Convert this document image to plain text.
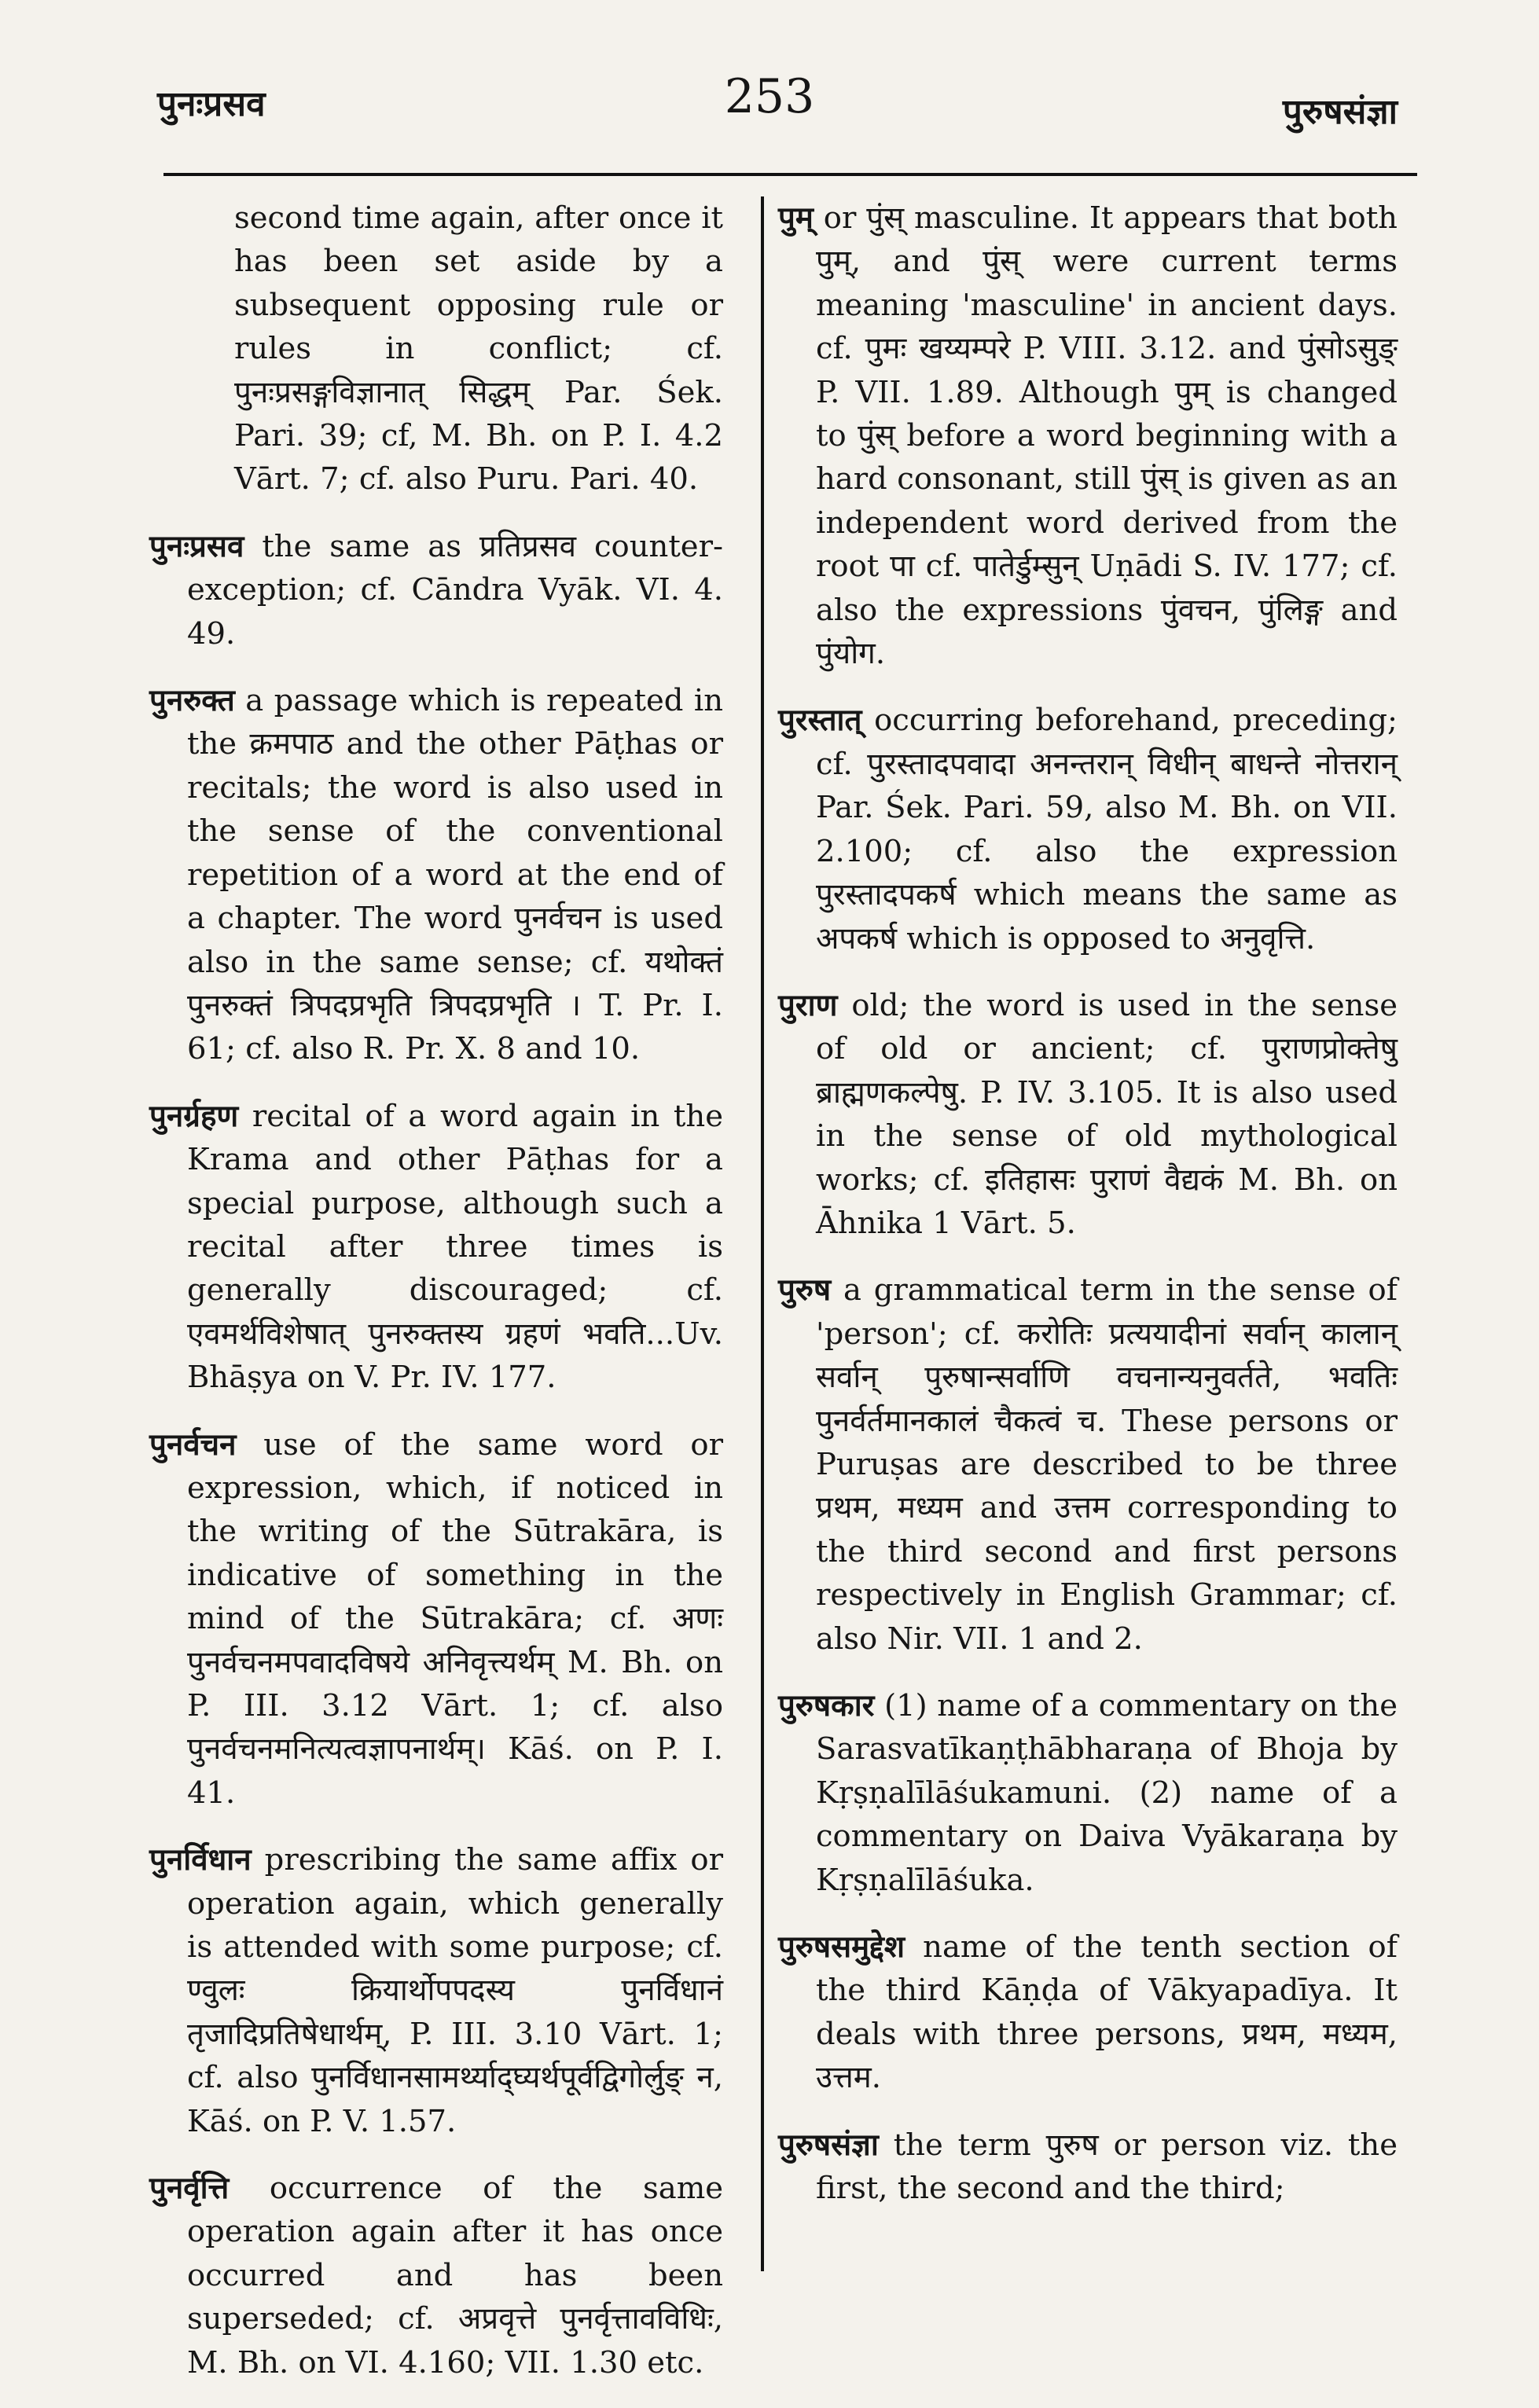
पुनःप्रसव	253	पुरुषसंज्ञा

second time again, after once it has been set aside by a subsequent opposing rule or rules in conflict; cf. पुनःप्रसङ्गविज्ञानात् सिद्धम् Par. Śek. Pari. 39; cf, M. Bh. on P. I. 4.2 Vārt. 7; cf. also Puru. Pari. 40.

पुनःप्रसव the same as प्रतिप्रसव counter-exception; cf. Cāndra Vyāk. VI. 4. 49.

पुनरुक्त a passage which is repeated in the क्रमपाठ and the other Pāṭhas or recitals; the word is also used in the sense of the conventional repetition of a word at the end of a chapter. The word पुनर्वचन is used also in the same sense; cf. यथोक्तं पुनरुक्तं त्रिपदप्रभृति त्रिपदप्रभृति । T. Pr. I. 61; cf. also R. Pr. X. 8 and 10.

पुनर्ग्रहण recital of a word again in the Krama and other Pāṭhas for a special purpose, although such a recital after three times is generally discouraged; cf. एवमर्थविशेषात् पुनरुक्तस्य ग्रहणं भवति...Uv. Bhāṣya on V. Pr. IV. 177.

पुनर्वचन use of the same word or expression, which, if noticed in the writing of the Sūtrakāra, is indicative of something in the mind of the Sūtrakāra; cf. अणः पुनर्वचनमपवादविषये अनिवृत्त्यर्थम् M. Bh. on P. III. 3.12 Vārt. 1; cf. also पुनर्वचनमनित्यत्वज्ञापनार्थम्। Kāś. on P. I. 41.

पुनर्विधान prescribing the same affix or operation again, which generally is attended with some purpose; cf. ण्वुलः क्रियार्थोपपदस्य पुनर्विधानं तृजादिप्रतिषेधार्थम्, P. III. 3.10 Vārt. 1; cf. also पुनर्विधानसामर्थ्याद्घ्यर्थपूर्वद्विगोर्लुङ् न, Kāś. on P. V. 1.57.

पुनर्वृत्ति occurrence of the same operation again after it has once occurred and has been superseded; cf. अप्रवृत्ते पुनर्वृत्तावविधिः, M. Bh. on VI. 4.160; VII. 1.30 etc.

पुम् or पुंस् masculine. It appears that both पुम्, and पुंस् were current terms meaning 'masculine' in ancient days. cf. पुमः खय्यम्परे P. VIII. 3.12. and पुंसोऽसुङ् P. VII. 1.89. Although पुम् is changed to पुंस् before a word beginning with a hard consonant, still पुंस् is given as an independent word derived from the root पा cf. पातेर्डुम्सुन् Uṇādi S. IV. 177; cf. also the expressions पुंवचन, पुंलिङ्ग and पुंयोग.

पुरस्तात् occurring beforehand, preceding; cf. पुरस्तादपवादा अनन्तरान् विधीन् बाधन्ते नोत्तरान् Par. Śek. Pari. 59, also M. Bh. on VII. 2.100; cf. also the expression पुरस्तादपकर्ष which means the same as अपकर्ष which is opposed to अनुवृत्ति.

पुराण old; the word is used in the sense of old or ancient; cf. पुराणप्रोक्तेषु ब्राह्मणकल्पेषु. P. IV. 3.105. It is also used in the sense of old mythological works; cf. इतिहासः पुराणं वैद्यकं M. Bh. on Āhnika 1 Vārt. 5.

पुरुष a grammatical term in the sense of 'person'; cf. करोतिः प्रत्ययादीनां सर्वान् कालान् सर्वान् पुरुषान्सर्वाणि वचनान्यनुवर्तते, भवतिः पुनर्वर्तमानकालं चैकत्वं च. These persons or Puruṣas are described to be three प्रथम, मध्यम and उत्तम corresponding to the third second and first persons respectively in English Grammar; cf. also Nir. VII. 1 and 2.

पुरुषकार (1) name of a commentary on the Sarasvatīkaṇṭhābharaṇa of Bhoja by Kṛṣṇalīlāśukamuni. (2) name of a commentary on Daiva Vyākaraṇa by Kṛṣṇalīlāśuka.

पुरुषसमुद्देश name of the tenth section of the third Kāṇḍa of Vākyapadīya. It deals with three persons, प्रथम, मध्यम, उत्तम.

पुरुषसंज्ञा the term पुरुष or person viz. the first, the second and the third;
